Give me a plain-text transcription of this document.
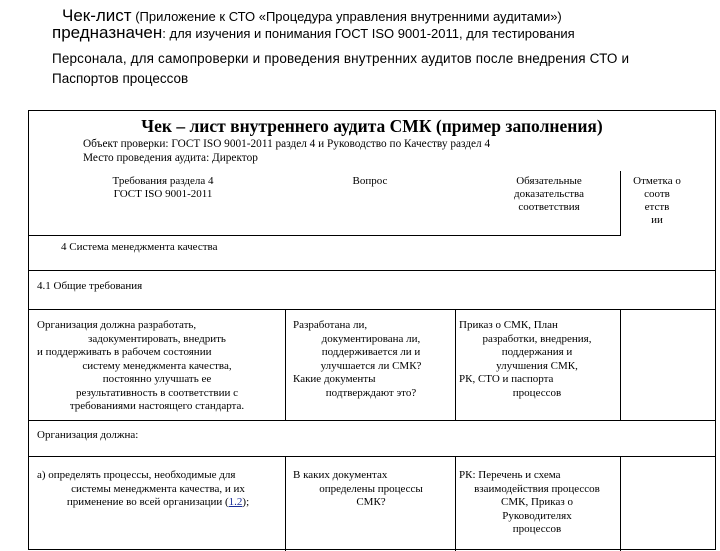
Чек-лист (Приложение к СТО «Процедура управления внутренними аудитами»)
предназначен: для изучения и понимания ГОСТ ISO 9001-2011, для тестирования
Персонала, для самопроверки и проведения внутренних аудитов после внедрения СТО и
Паспортов процессов
Чек – лист внутреннего аудита СМК (пример заполнения)
Объект проверки: ГОСТ ISO 9001-2011 раздел 4 и Руководство по Качеству раздел 4
Место проведения аудита: Директор
Требования раздела 4
ГОСТ ISO 9001-2011
Вопрос	Обязательные
доказательства
соответствия
Отметка о
соотв
етств
ии
4 Система менеджмента качества
4.1 Общие требования
Организация должна разработать,
задокументировать, внедрить
и поддерживать в рабочем состоянии
систему менеджмента качества,
постоянно улучшать ее
результативность в соответствии с
требованиями настоящего стандарта.
Разработана ли,
документирована ли,
поддерживается ли и
улучшается ли СМК?
Какие документы
подтверждают это?
Приказ о СМК, План
разработки, внедрения,
поддержания и
улучшения СМК,
РК, СТО и паспорта
процессов
Организация должна:
а) определять процессы, необходимые для
системы менеджмента качества, и их
применение во всей организации (1.2);
В каких документах
определены процессы
СМК?
РК: Перечень и схема
взаимодействия процессов
СМК, Приказ о
Руководителях
процессов
